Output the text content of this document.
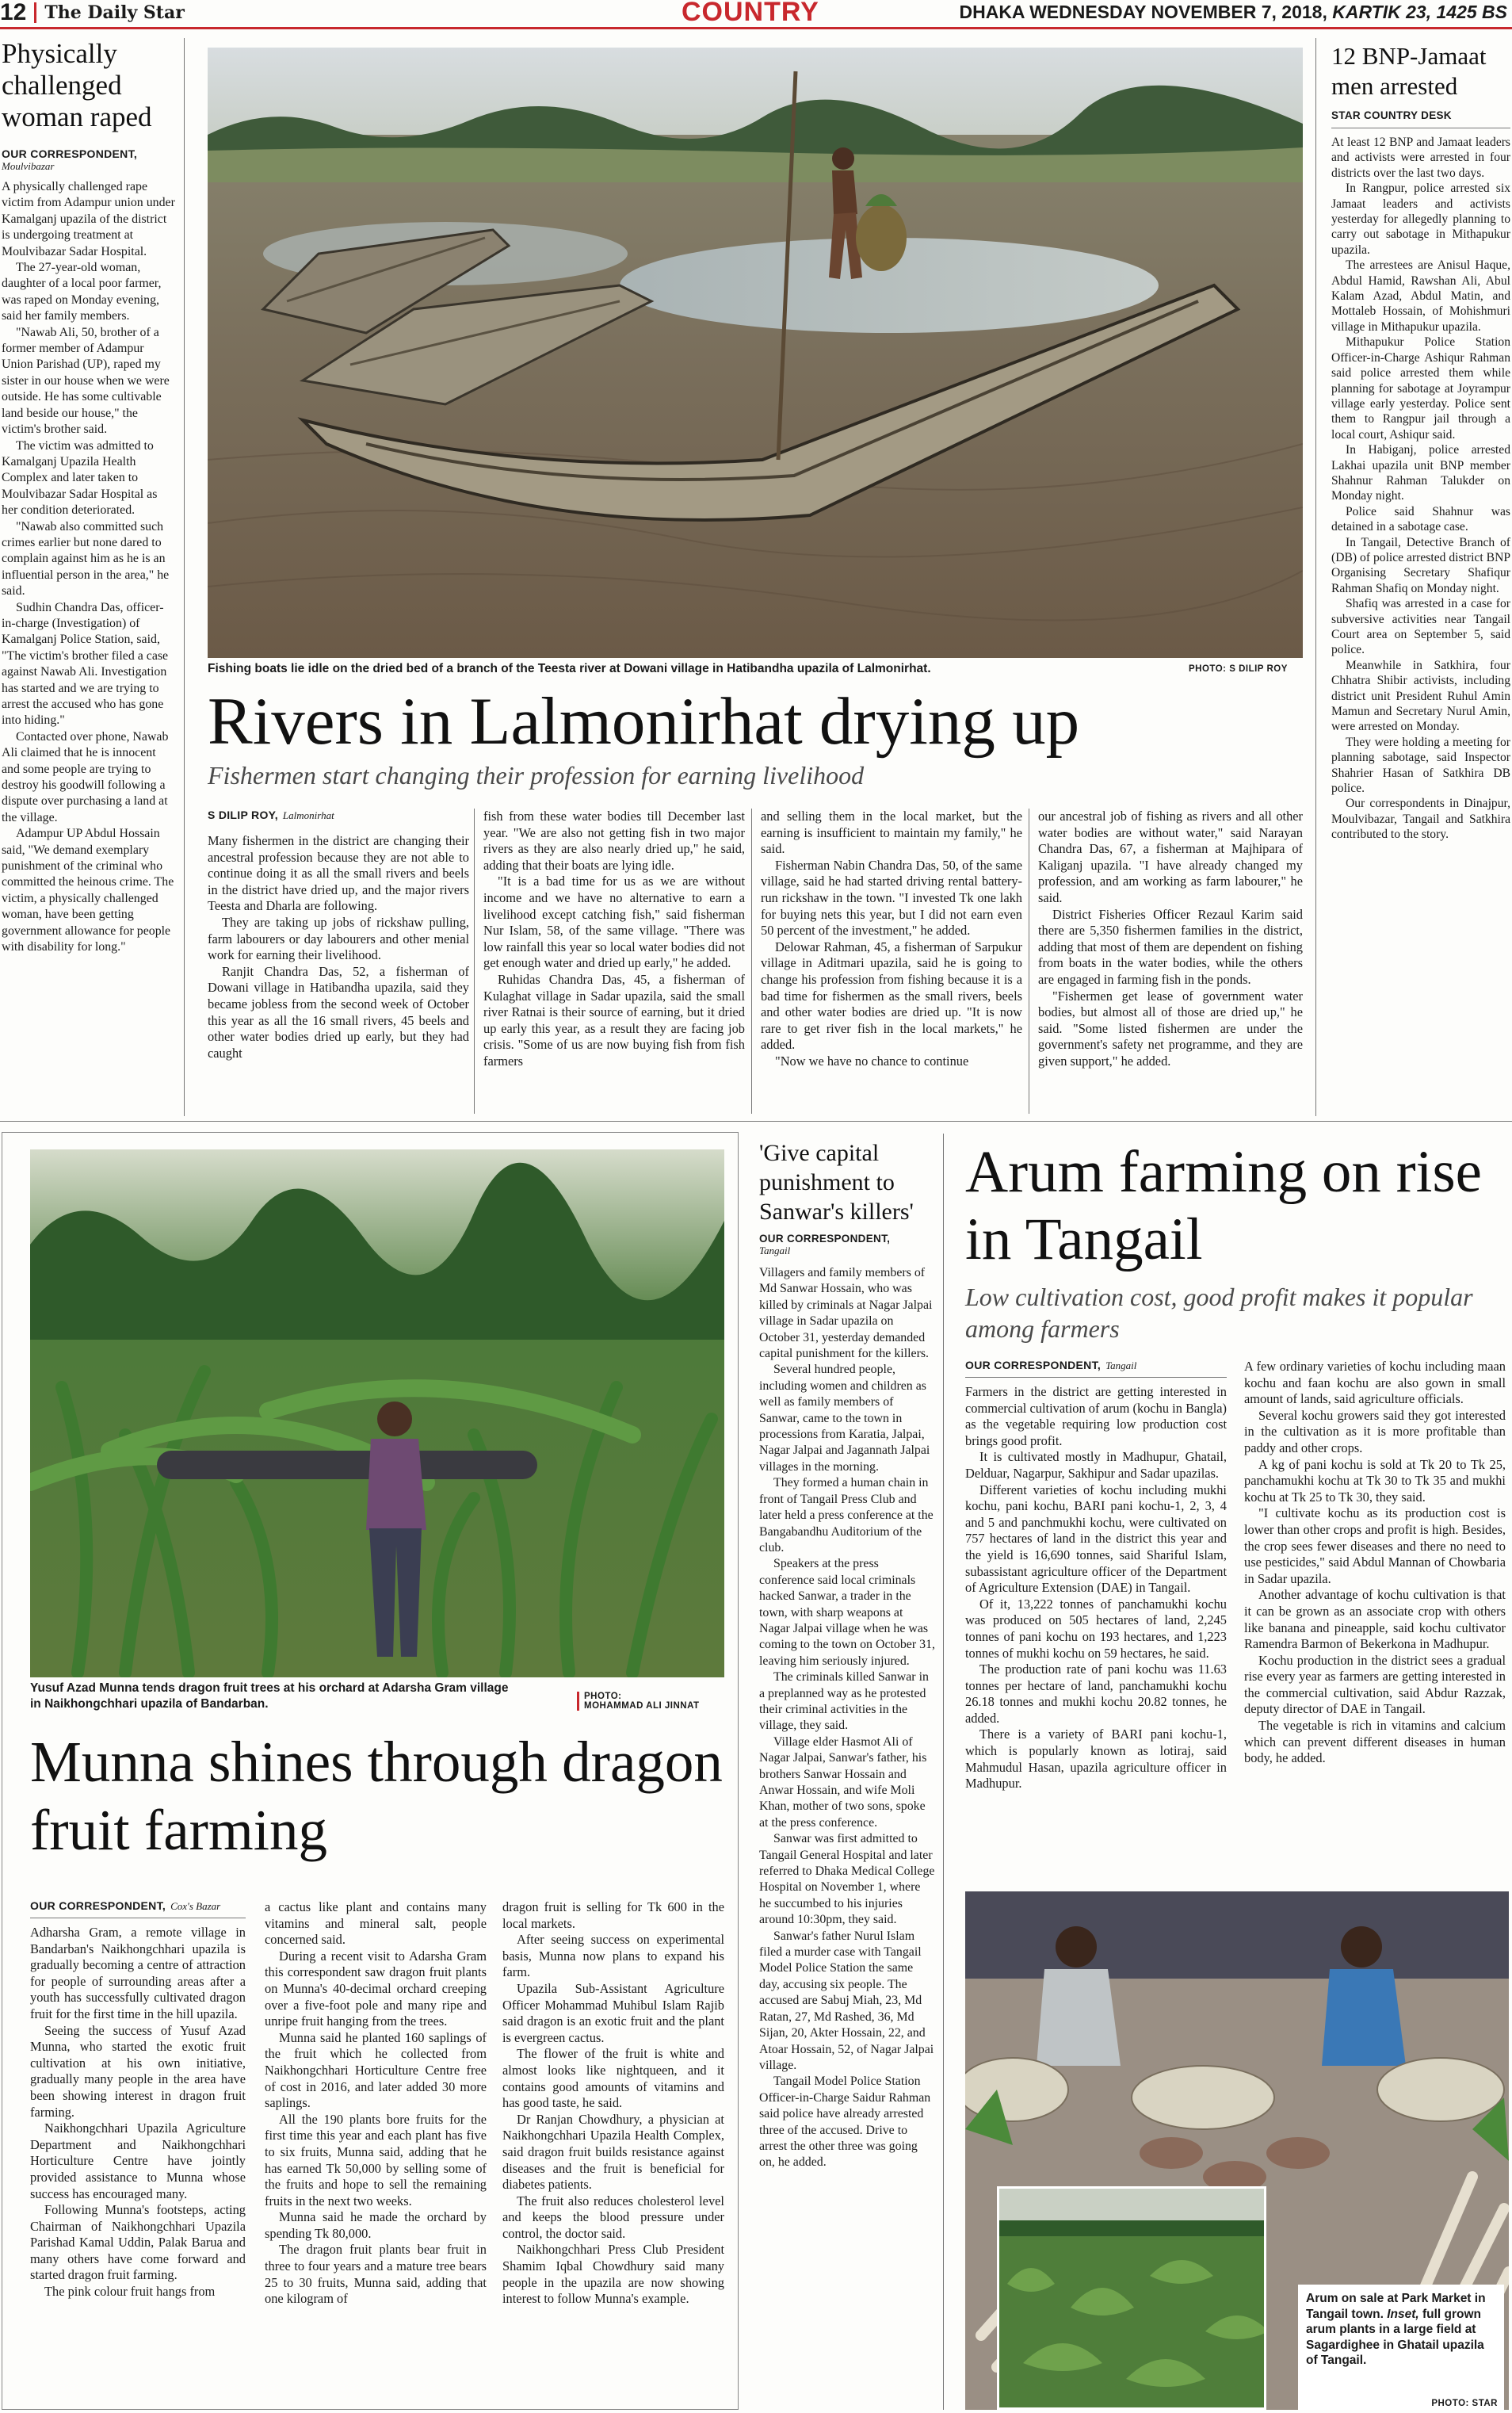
12 The Daily Star	COUNTRY	DHAKA WEDNESDAY NOVEMBER 7, 2018, KARTIK 23, 1425 BS
Physically challenged woman raped
OUR CORRESPONDENT,
Moulvibazar

A physically challenged rape victim from Adampur union under Kamalganj upazila of the district is undergoing treatment at Moulvibazar Sadar Hospital.

The 27-year-old woman, daughter of a local poor farmer, was raped on Monday evening, said her family members.

"Nawab Ali, 50, brother of a former member of Adampur Union Parishad (UP), raped my sister in our house when we were outside. He has some cultivable land beside our house," the victim's brother said.

The victim was admitted to Kamalganj Upazila Health Complex and later taken to Moulvibazar Sadar Hospital as her condition deteriorated.

"Nawab also committed such crimes earlier but none dared to complain against him as he is an influential person in the area," he said.

Sudhin Chandra Das, officer-in-charge (Investigation) of Kamalganj Police Station, said, "The victim's brother filed a case against Nawab Ali. Investigation has started and we are trying to arrest the accused who has gone into hiding."

Contacted over phone, Nawab Ali claimed that he is innocent and some people are trying to destroy his goodwill following a dispute over purchasing a land at the village.

Adampur UP Abdul Hossain said, "We demand exemplary punishment of the criminal who committed the heinous crime. The victim, a physically challenged woman, have been getting government allowance for people with disability for long."

Fishing boats lie idle on the dried bed of a branch of the Teesta river at Dowani village in Hatibandha upazila of Lalmonirhat.	PHOTO: S DILIP ROY
Rivers in Lalmonirhat drying up
Fishermen start changing their profession for earning livelihood
S DILIP ROY, Lalmonirhat

Many fishermen in the district are changing their ancestral profession because they are not able to continue doing it as all the small rivers and beels in the district have dried up, and the major rivers Teesta and Dharla are following.

They are taking up jobs of rickshaw pulling, farm labourers or day labourers and other menial work for earning their livelihood.

Ranjit Chandra Das, 52, a fisherman of Dowani village in Hatibandha upazila, said they became jobless from the second week of October this year as all the 16 small rivers, 45 beels and other water bodies dried up early, but they had caught

fish from these water bodies till December last year. "We are also not getting fish in two major rivers as they are also nearly dried up," he said, adding that their boats are lying idle.

"It is a bad time for us as we are without income and we have no alternative to earn a livelihood except catching fish," said fisherman Nur Islam, 58, of the same village. "There was low rainfall this year so local water bodies did not get enough water and dried up early," he added.

Ruhidas Chandra Das, 45, a fisherman of Kulaghat village in Sadar upazila, said the small river Ratnai is their source of earning, but it dried up early this year, as a result they are facing job crisis. "Some of us are now buying fish from fish farmers

and selling them in the local market, but the earning is insufficient to maintain my family," he said.

Fisherman Nabin Chandra Das, 50, of the same village, said he had started driving rental battery-run rickshaw in the town. "I invested Tk one lakh for buying nets this year, but I did not earn even 50 percent of the investment," he added.

Delowar Rahman, 45, a fisherman of Sarpukur village in Aditmari upazila, said he is going to change his profession from fishing because it is a bad time for fishermen as the small rivers, beels and other water bodies are dried up. "It is now rare to get river fish in the local markets," he added.

"Now we have no chance to continue

our ancestral job of fishing as rivers and all other water bodies are without water," said Narayan Chandra Das, 67, a fisherman at Majhipara of Kaliganj upazila. "I have already changed my profession, and am working as farm labourer," he said.

District Fisheries Officer Rezaul Karim said there are 5,350 fishermen families in the district, adding that most of them are dependent on fishing from boats in the water bodies, while the others are engaged in farming fish in the ponds.

"Fishermen get lease of government water bodies, but almost all of those are dried up," he said. "Some listed fishermen are under the government's safety net programme, and they are given support," he added.

12 BNP-Jamaat men arrested
STAR COUNTRY DESK

At least 12 BNP and Jamaat leaders and activists were arrested in four districts over the last two days.

In Rangpur, police arrested six Jamaat leaders and activists yesterday for allegedly planning to carry out sabotage in Mithapukur upazila.

The arrestees are Anisul Haque, Abdul Hamid, Rawshan Ali, Abul Kalam Azad, Abdul Matin, and Mottaleb Hossain, of Mohishmuri village in Mithapukur upazila.

Mithapukur Police Station Officer-in-Charge Ashiqur Rahman said police arrested them while planning for sabotage at Joyrampur village early yesterday. Police sent them to Rangpur jail through a local court, Ashiqur said.

In Habiganj, police arrested Lakhai upazila unit BNP member Shahnur Rahman Talukder on Monday night.

Police said Shahnur was detained in a sabotage case.

In Tangail, Detective Branch of (DB) of police arrested district BNP Organising Secretary Shafiqur Rahman Shafiq on Monday night.

Shafiq was arrested in a case for subversive activities near Tangail Court area on September 5, said police.

Meanwhile in Satkhira, four Chhatra Shibir activists, including district unit President Ruhul Amin Mamun and Secretary Nurul Amin, were arrested on Monday.

They were holding a meeting for planning sabotage, said Inspector Shahrier Hasan of Satkhira DB police.

Our correspondents in Dinajpur, Moulvibazar, Tangail and Satkhira contributed to the story.

Yusuf Azad Munna tends dragon fruit trees at his orchard at Adarsha Gram village in Naikhongchhari upazila of Bandarban.
PHOTO:
MOHAMMAD ALI JINNAT
Munna shines through dragon fruit farming
OUR CORRESPONDENT, Cox's Bazar

Adharsha Gram, a remote village in Bandarban's Naikhongchhari upazila is gradually becoming a centre of attraction for people of surrounding areas after a youth has successfully cultivated dragon fruit for the first time in the hill upazila.

Seeing the success of Yusuf Azad Munna, who started the exotic fruit cultivation at his own initiative, gradually many people in the area have been showing interest in dragon fruit farming.

Naikhongchhari Upazila Agriculture Department and Naikhongchhari Horticulture Centre have jointly provided assistance to Munna whose success has encouraged many.

Following Munna's footsteps, acting Chairman of Naikhongchhari Upazila Parishad Kamal Uddin, Palak Barua and many others have come forward and started dragon fruit farming.

The pink colour fruit hangs from

a cactus like plant and contains many vitamins and mineral salt, people concerned said.

During a recent visit to Adarsha Gram this correspondent saw dragon fruit plants on Munna's 40-decimal orchard creeping over a five-foot pole and many ripe and unripe fruit hanging from the trees.

Munna said he planted 160 saplings of the fruit which he collected from Naikhongchhari Horticulture Centre free of cost in 2016, and later added 30 more saplings.

All the 190 plants bore fruits for the first time this year and each plant has five to six fruits, Munna said, adding that he has earned Tk 50,000 by selling some of the fruits and hope to sell the remaining fruits in the next two weeks.

Munna said he made the orchard by spending Tk 80,000.

The dragon fruit plants bear fruit in three to four years and a mature tree bears 25 to 30 fruits, Munna said, adding that one kilogram of

dragon fruit is selling for Tk 600 in the local markets.

After seeing success on experimental basis, Munna now plans to expand his farm.

Upazila Sub-Assistant Agriculture Officer Mohammad Muhibul Islam Rajib said dragon is an exotic fruit and the plant is evergreen cactus.

The flower of the fruit is white and almost looks like nightqueen, and it contains good amounts of vitamins and has good taste, he said.

Dr Ranjan Chowdhury, a physician at Naikhongchhari Upazila Health Complex, said dragon fruit builds resistance against diseases and the fruit is beneficial for diabetes patients.

The fruit also reduces cholesterol level and keeps the blood pressure under control, the doctor said.

Naikhongchhari Press Club President Shamim Iqbal Chowdhury said many people in the upazila are now showing interest to follow Munna's example.

'Give capital punishment to Sanwar's killers'
OUR CORRESPONDENT,
Tangail

Villagers and family members of Md Sanwar Hossain, who was killed by criminals at Nagar Jalpai village in Sadar upazila on October 31, yesterday demanded capital punishment for the killers.

Several hundred people, including women and children as well as family members of Sanwar, came to the town in processions from Karatia, Jalpai, Nagar Jalpai and Jagannath Jalpai villages in the morning.

They formed a human chain in front of Tangail Press Club and later held a press conference at the Bangabandhu Auditorium of the club.

Speakers at the press conference said local criminals hacked Sanwar, a trader in the town, with sharp weapons at Nagar Jalpai village when he was coming to the town on October 31, leaving him seriously injured.

The criminals killed Sanwar in a preplanned way as he protested their criminal activities in the village, they said.

Village elder Hasmot Ali of Nagar Jalpai, Sanwar's father, his brothers Sanwar Hossain and Anwar Hossain, and wife Moli Khan, mother of two sons, spoke at the press conference.

Sanwar was first admitted to Tangail General Hospital and later referred to Dhaka Medical College Hospital on November 1, where he succumbed to his injuries around 10:30pm, they said.

Sanwar's father Nurul Islam filed a murder case with Tangail Model Police Station the same day, accusing six people. The accused are Sabuj Miah, 23, Md Ratan, 27, Md Rashed, 36, Md Sijan, 20, Akter Hossain, 22, and Atoar Hossain, 52, of Nagar Jalpai village.

Tangail Model Police Station Officer-in-Charge Saidur Rahman said police have already arrested three of the accused. Drive to arrest the other three was going on, he added.

Arum farming on rise in Tangail
Low cultivation cost, good profit makes it popular among farmers
OUR CORRESPONDENT, Tangail

Farmers in the district are getting interested in commercial cultivation of arum (kochu in Bangla) as the vegetable requiring low production cost brings good profit.

It is cultivated mostly in Madhupur, Ghatail, Delduar, Nagarpur, Sakhipur and Sadar upazilas.

Different varieties of kochu including mukhi kochu, pani kochu, BARI pani kochu-1, 2, 3, 4 and 5 and panchmukhi kochu, were cultivated on 757 hectares of land in the district this year and the yield is 16,690 tonnes, said Shariful Islam, subassistant agriculture officer of the Department of Agriculture Extension (DAE) in Tangail.

Of it, 13,222 tonnes of panchamukhi kochu was produced on 505 hectares of land, 2,245 tonnes of pani kochu on 193 hectares, and 1,223 tonnes of mukhi kochu on 59 hectares, he said.

The production rate of pani kochu was 11.63 tonnes per hectare of land, panchamukhi kochu 26.18 tonnes and mukhi kochu 20.82 tonnes, he added.

There is a variety of BARI pani kochu-1, which is popularly known as lotiraj, said Mahmudul Hasan, upazila agriculture officer in Madhupur.

A few ordinary varieties of kochu including maan kochu and faan kochu are also gown in small amount of lands, said agriculture officials.

Several kochu growers said they got interested in the cultivation as it is more profitable than paddy and other crops.

A kg of pani kochu is sold at Tk 20 to Tk 25, panchamukhi kochu at Tk 30 to Tk 35 and mukhi kochu at Tk 25 to Tk 30, they said.

"I cultivate kochu as its production cost is lower than other crops and profit is high. Besides, the crop sees fewer diseases and there no need to use pesticides," said Abdul Mannan of Chowbaria in Sadar upazila.

Another advantage of kochu cultivation is that it can be grown as an associate crop with others like banana and pineapple, said kochu cultivator Ramendra Barmon of Bekerkona in Madhupur.

Kochu production in the district sees a gradual rise every year as farmers are getting interested in the commercial cultivation, said Abdur Razzak, deputy director of DAE in Tangail.

The vegetable is rich in vitamins and calcium which can prevent different diseases in human body, he added.

Arum on sale at Park Market in Tangail town. Inset, full grown arum plants in a large field at Sagardighee in Ghatail upazila of Tangail.
PHOTO: STAR
